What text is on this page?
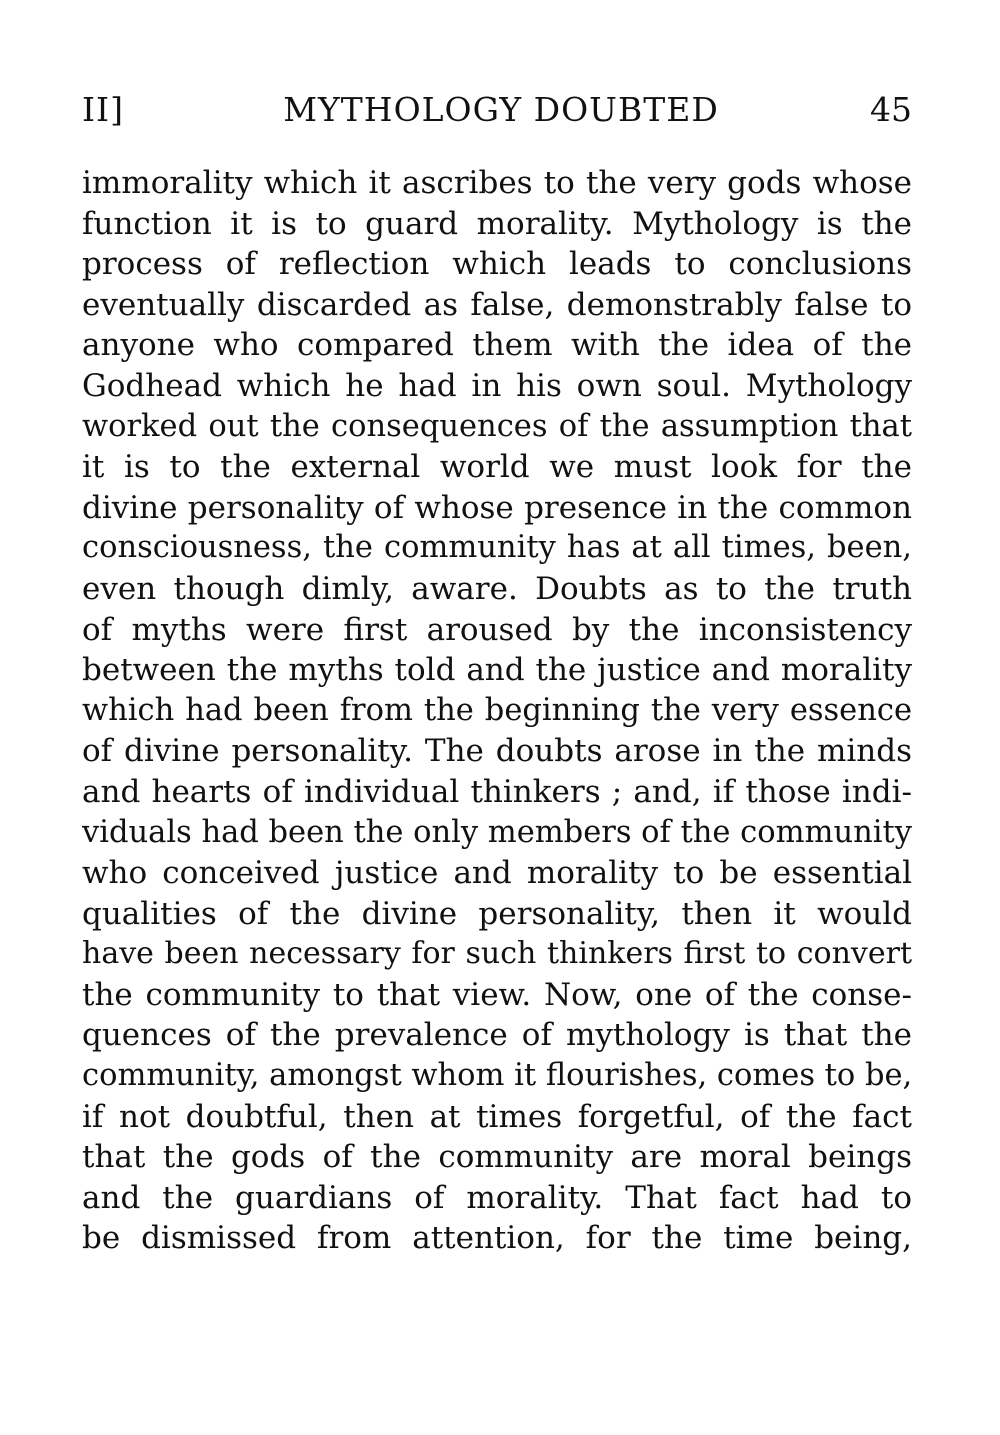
II]	MYTHOLOGY DOUBTED	45
immorality which it ascribes to the very gods whose
function it is to guard morality. Mythology is the
process of reflection which leads to conclusions
eventually discarded as false, demonstrably false to
anyone who compared them with the idea of the
Godhead which he had in his own soul. Mythology
worked out the consequences of the assumption that
it is to the external world we must look for the
divine personality of whose presence in the common
consciousness, the community has at all times, been,
even though dimly, aware. Doubts as to the truth
of myths were first aroused by the inconsistency
between the myths told and the justice and morality
which had been from the beginning the very essence
of divine personality. The doubts arose in the minds
and hearts of individual thinkers ; and, if those indi-
viduals had been the only members of the community
who conceived justice and morality to be essential
qualities of the divine personality, then it would
have been necessary for such thinkers first to convert
the community to that view. Now, one of the conse-
quences of the prevalence of mythology is that the
community, amongst whom it flourishes, comes to be,
if not doubtful, then at times forgetful, of the fact
that the gods of the community are moral beings
and the guardians of morality. That fact had to
be dismissed from attention, for the time being,
